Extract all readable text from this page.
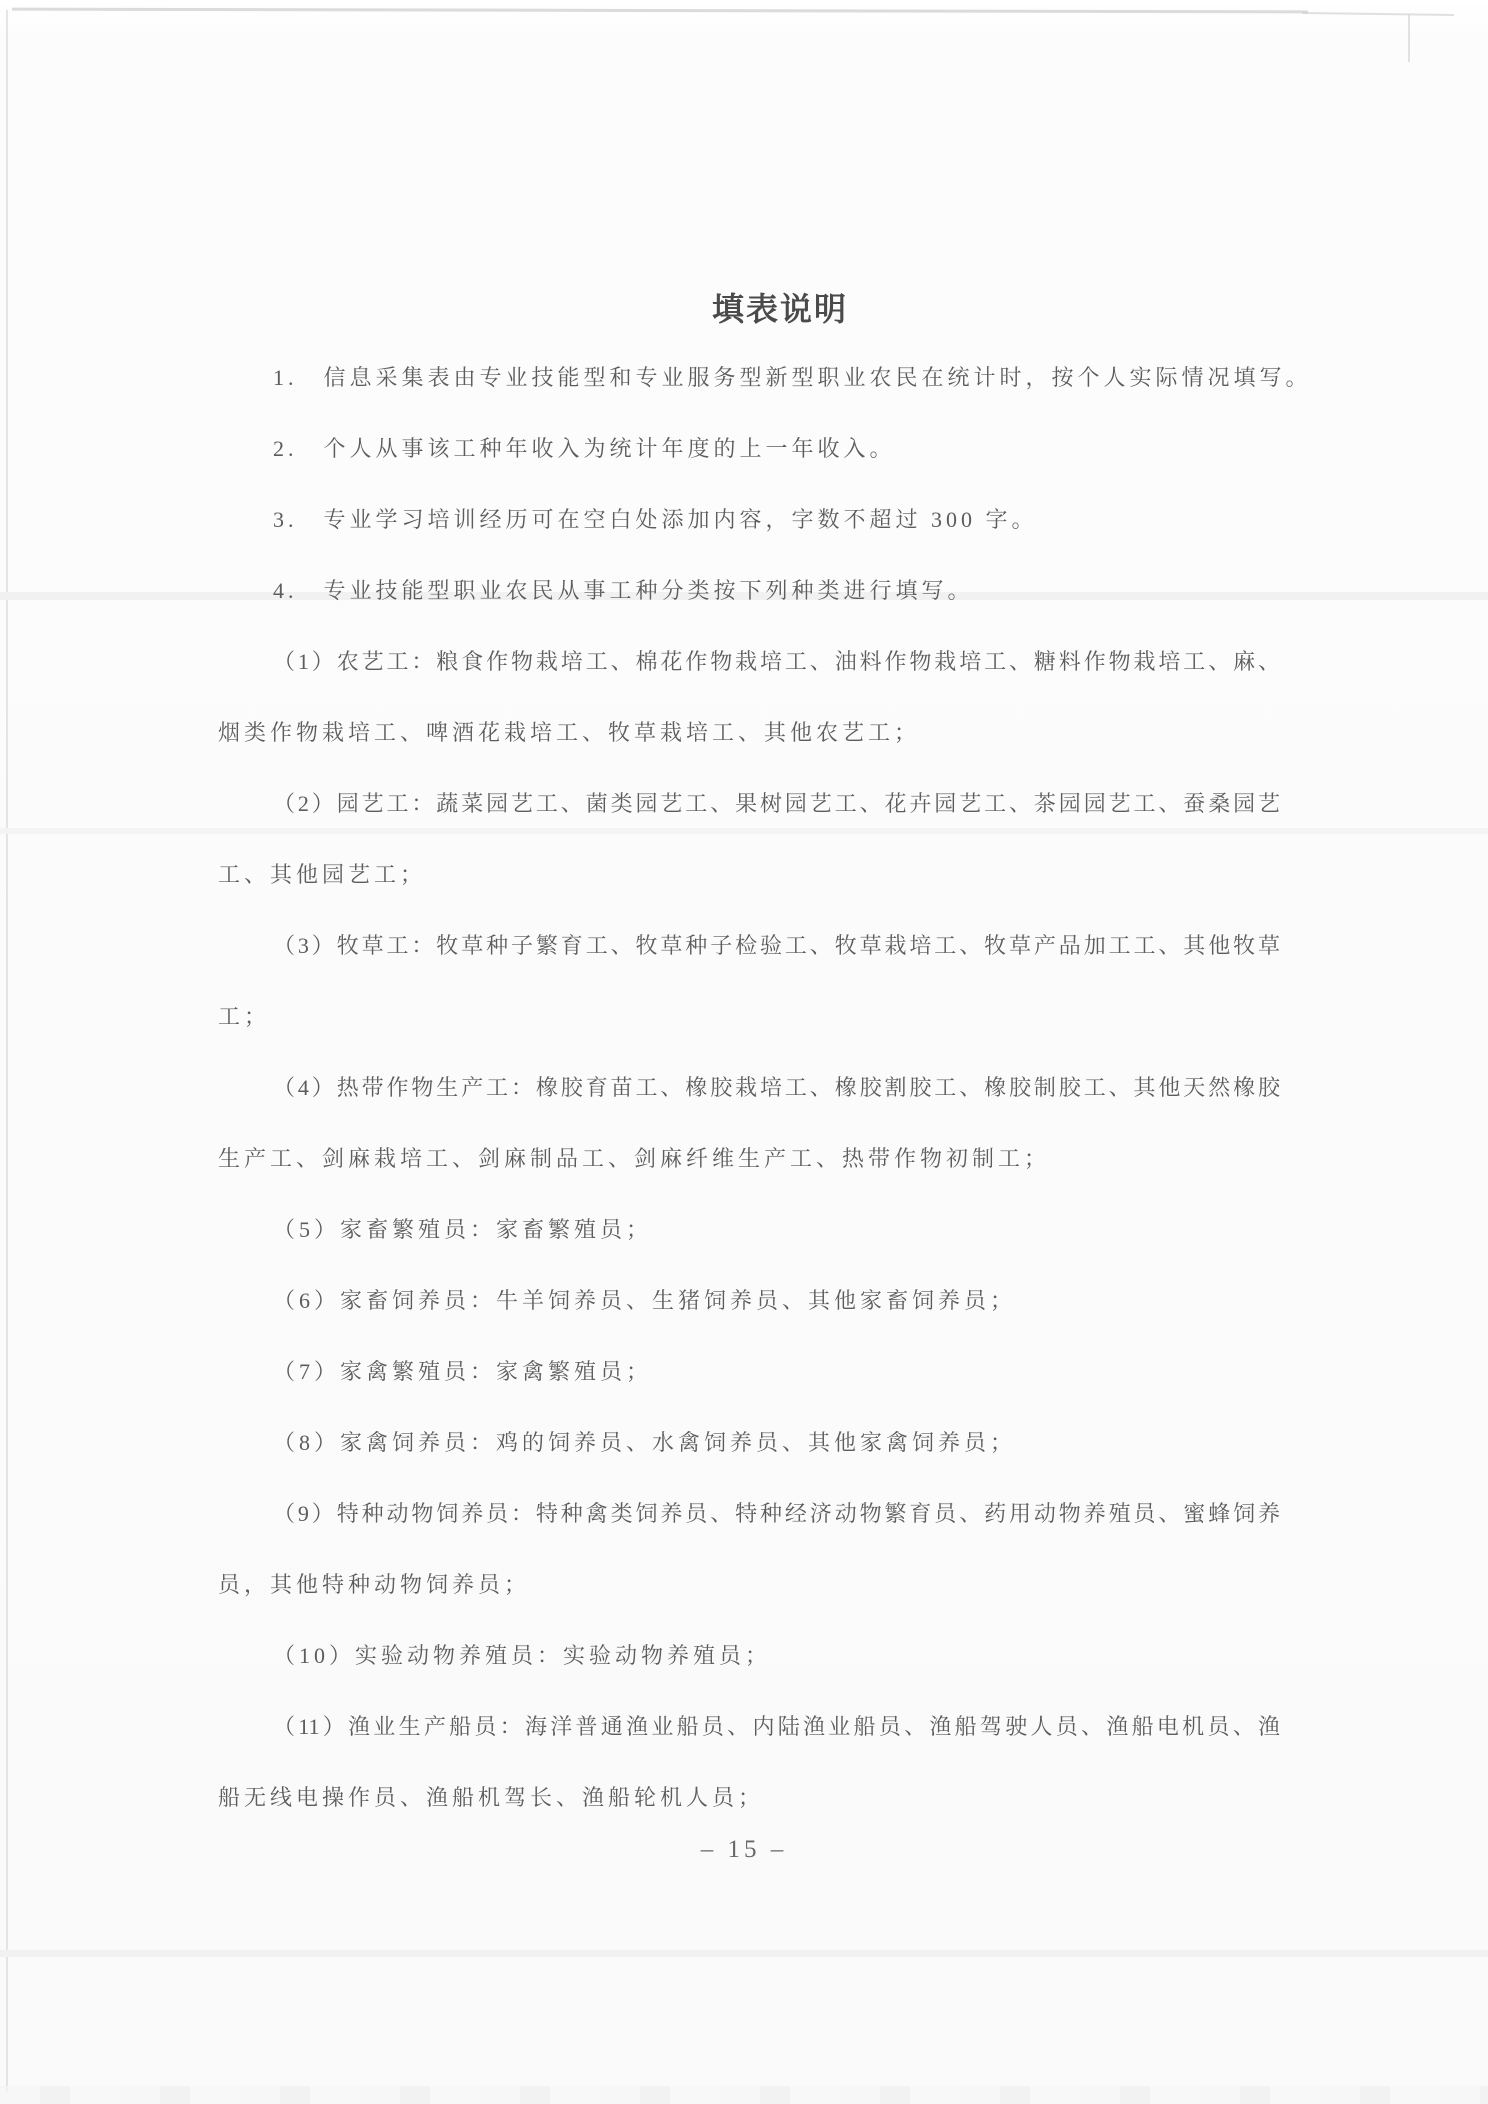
填表说明
1.　信息采集表由专业技能型和专业服务型新型职业农民在统计时，按个人实际情况填写。
2.　个人从事该工种年收入为统计年度的上一年收入。
3.　专业学习培训经历可在空白处添加内容，字数不超过 300 字。
4.　专业技能型职业农民从事工种分类按下列种类进行填写。
（1）农艺工：粮食作物栽培工、棉花作物栽培工、油料作物栽培工、糖料作物栽培工、麻、
烟类作物栽培工、啤酒花栽培工、牧草栽培工、其他农艺工；
（2）园艺工：蔬菜园艺工、菌类园艺工、果树园艺工、花卉园艺工、茶园园艺工、蚕桑园艺
工、其他园艺工；
（3）牧草工：牧草种子繁育工、牧草种子检验工、牧草栽培工、牧草产品加工工、其他牧草
工；
（4）热带作物生产工：橡胶育苗工、橡胶栽培工、橡胶割胶工、橡胶制胶工、其他天然橡胶
生产工、剑麻栽培工、剑麻制品工、剑麻纤维生产工、热带作物初制工；
（5）家畜繁殖员：家畜繁殖员；
（6）家畜饲养员：牛羊饲养员、生猪饲养员、其他家畜饲养员；
（7）家禽繁殖员：家禽繁殖员；
（8）家禽饲养员：鸡的饲养员、水禽饲养员、其他家禽饲养员；
（9）特种动物饲养员：特种禽类饲养员、特种经济动物繁育员、药用动物养殖员、蜜蜂饲养
员，其他特种动物饲养员；
（10）实验动物养殖员：实验动物养殖员；
（11）渔业生产船员：海洋普通渔业船员、内陆渔业船员、渔船驾驶人员、渔船电机员、渔
船无线电操作员、渔船机驾长、渔船轮机人员；
– 15 –
